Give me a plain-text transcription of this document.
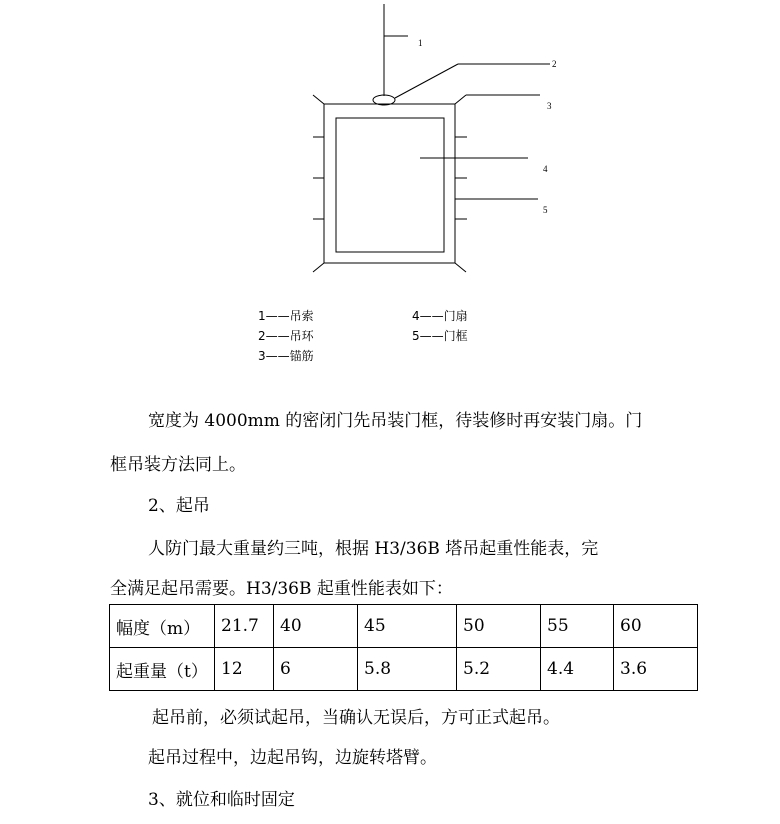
1
2
3
4
5
1——吊索
2——吊环
3——锚筋
4——门扇
5——门框
宽度为 4000mm 的密闭门先吊装门框，待装修时再安装门扇。门
框吊装方法同上。
2、起吊
人防门最大重量约三吨，根据 H3/36B 塔吊起重性能表，完
全满足起吊需要。H3/36B 起重性能表如下：
幅度（m）	21.7	40	45	50	55	60
起重量（t）	12	6	5.8	5.2	4.4	3.6
起吊前，必须试起吊，当确认无误后，方可正式起吊。
起吊过程中，边起吊钩，边旋转塔臂。
3、就位和临时固定
